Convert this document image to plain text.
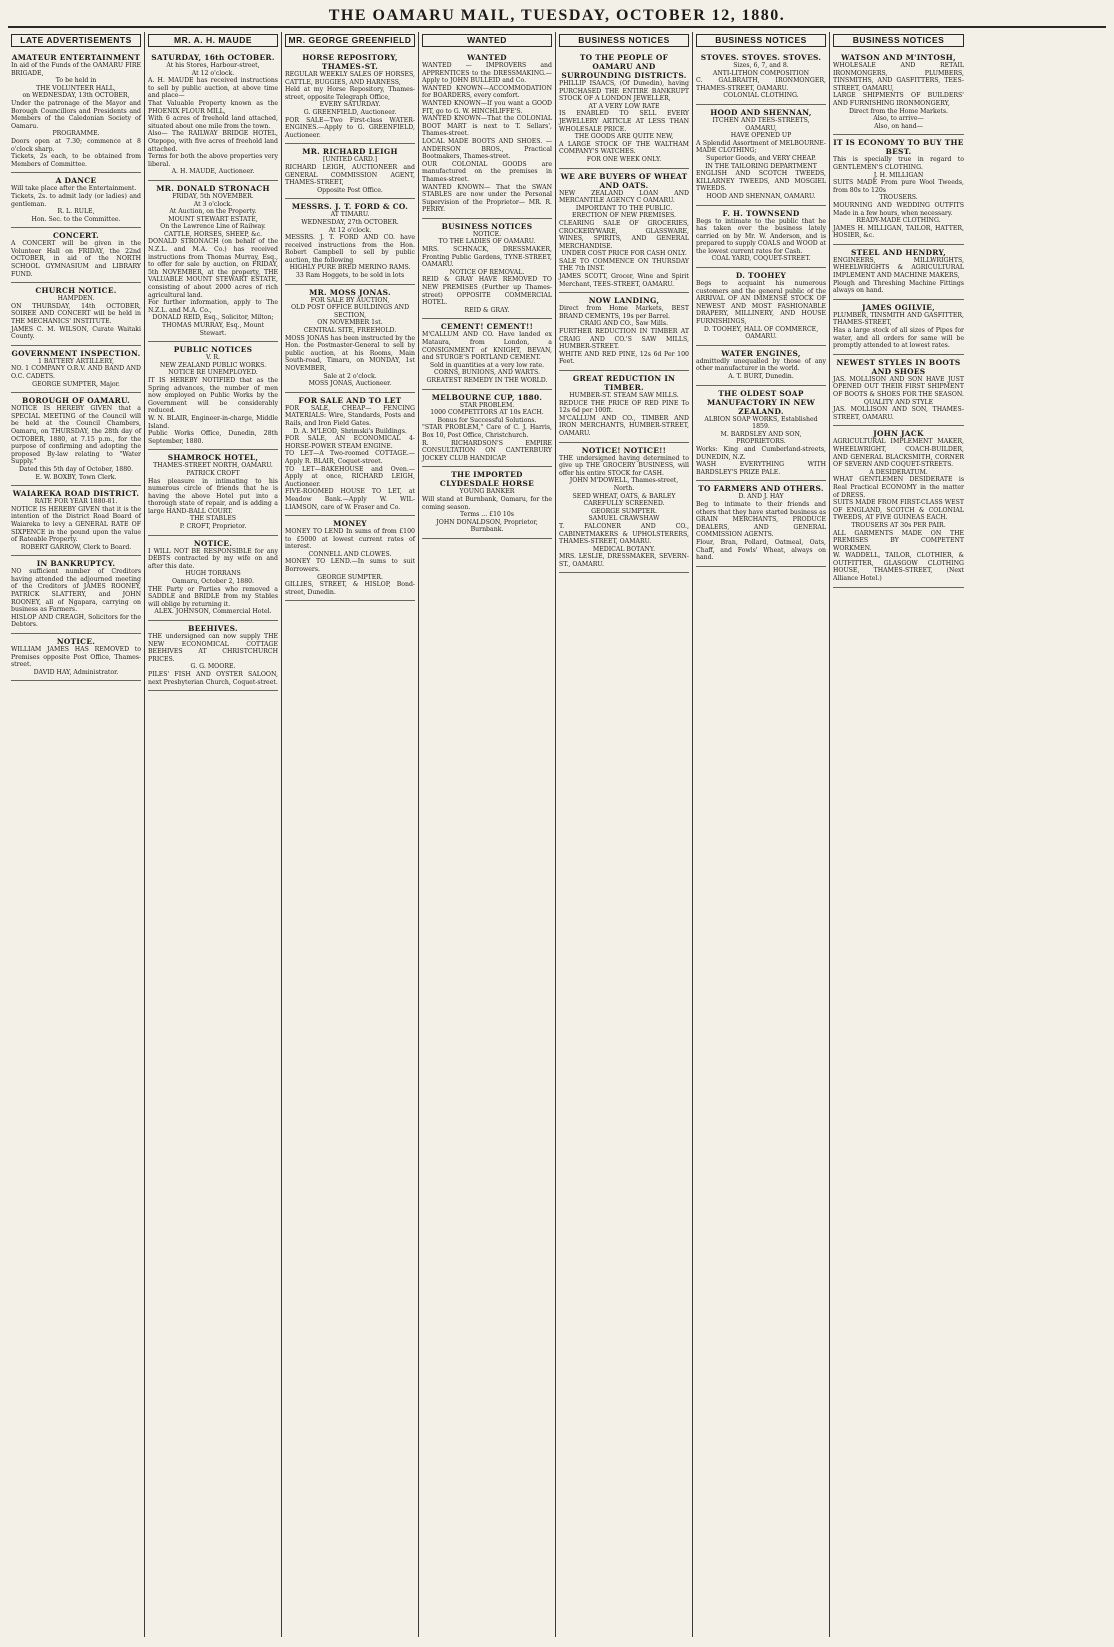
THE OAMARU MAIL, TUESDAY, OCTOBER 12, 1880.
LATE ADVERTISEMENTS
AMATEUR ENTERTAINMENT

In aid of the Funds of the OAMARU FIRE BRIGADE,

To be held in

THE VOLUNTEER HALL,

on WEDNESDAY, 13th OCTOBER,

Under the patronage of the Mayor and Borough Councillors and Presidents and Members of the Caledonian Society of Oamaru.

PROGRAMME.

Doors open at 7.30; commence at 8 o'clock sharp.

Tickets, 2s each, to be obtained from Members of Committee.

A DANCE

Will take place after the Entertainment.

Tickets, 2s. to admit lady (or ladies) and gentleman.

R. L. RULE,

Hon. Sec. to the Committee.

CONCERT.

A CONCERT will be given in the Volunteer Hall on FRIDAY, the 22nd OCTOBER, in aid of the NORTH SCHOOL GYMNASIUM and LIBRARY FUND.

CHURCH NOTICE.

HAMPDEN.

ON THURSDAY, 14th OCTOBER, SOIREE AND CONCERT will be held in THE MECHANICS' INSTITUTE.

JAMES C. M. WILSON, Curate Waitaki County.

GOVERNMENT INSPECTION.

1 BATTERY ARTILLERY,

NO. 1 COMPANY O.R.V. AND BAND AND O.C. CADETS.

GEORGE SUMPTER, Major.

BOROUGH OF OAMARU.

NOTICE IS HEREBY GIVEN that a SPECIAL MEETING of the Council will be held at the Council Chambers, Oamaru, on THURSDAY, the 28th day of OCTOBER, 1880, at 7.15 p.m., for the purpose of confirming and adopting the proposed By-law relating to "Water Supply."

Dated this 5th day of October, 1880.

E. W. BOXBY, Town Clerk.

WAIAREKA ROAD DISTRICT.

RATE FOR YEAR 1880-81.

NOTICE IS HEREBY GIVEN that it is the intention of the District Road Board of Waiareka to levy a GENERAL RATE OF SIXPENCE in the pound upon the value of Rateable Property.

ROBERT GARROW, Clerk to Board.

IN BANKRUPTCY.

NO sufficient number of Creditors having attended the adjourned meeting of the Creditors of JAMES ROONEY, PATRICK SLATTERY, and JOHN ROONEY, all of Ngapara, carrying on business as Farmers.

HISLOP AND CREAGH, Solicitors for the Debtors.

NOTICE.

WILLIAM JAMES HAS REMOVED to Premises opposite Post Office, Thames-street.

DAVID HAY, Administrator.

MR. A. H. MAUDE
SATURDAY, 16th OCTOBER.

At his Stores, Harbour-street,

At 12 o'clock.

A. H. MAUDE has received instructions to sell by public auction, at above time and place—

That Valuable Property known as the PHOENIX FLOUR MILL,

With 6 acres of freehold land attached, situated about one mile from the town.

Also— The RAILWAY BRIDGE HOTEL, Otepopo, with five acres of freehold land attached.

Terms for both the above properties very liberal.

A. H. MAUDE, Auctioneer.

MR. DONALD STRONACH

FRIDAY, 5th NOVEMBER.

At 3 o'clock.

At Auction, on the Property.

MOUNT STEWART ESTATE,

On the Lawrence Line of Railway.

CATTLE, HORSES, SHEEP, &c.

DONALD STRONACH (on behalf of the N.Z.L. and M.A. Co.) has received instructions from Thomas Murray, Esq., to offer for sale by auction, on FRIDAY, 5th NOVEMBER, at the property, THE VALUABLE MOUNT STEWART ESTATE, consisting of about 2000 acres of rich agricultural land.

For further information, apply to The N.Z.L. and M.A. Co.,

DONALD REID, Esq., Solicitor, Milton;

THOMAS MURRAY, Esq., Mount Stewart.

PUBLIC NOTICES

V. R.

NEW ZEALAND PUBLIC WORKS.

NOTICE RE UNEMPLOYED.

IT IS HEREBY NOTIFIED that as the Spring advances, the number of men now employed on Public Works by the Government will be considerably reduced.

W. N. BLAIR, Engineer-in-charge, Middle Island.

Public Works Office, Dunedin, 28th September, 1880.

SHAMROCK HOTEL,

THAMES-STREET NORTH, OAMARU.

PATRICK CROFT

Has pleasure in intimating to his numerous circle of friends that he is having the above Hotel put into a thorough state of repair, and is adding a large HAND-BALL COURT.

THE STABLES

P. CROFT, Proprietor.

NOTICE.

I WILL NOT BE RESPONSIBLE for any DEBTS contracted by my wife on and after this date.

HUGH TORRANS

Oamaru, October 2, 1880.

THE Party or Parties who removed a SADDLE and BRIDLE from my Stables will oblige by returning it.

ALEX. JOHNSON, Commercial Hotel.

BEEHIVES.

THE undersigned can now supply THE NEW ECONOMICAL COTTAGE BEEHIVES AT CHRISTCHURCH PRICES.

G. G. MOORE.

PILES' FISH AND OYSTER SALOON, next Presbyterian Church, Coquet-street.

MR. GEORGE GREENFIELD
HORSE REPOSITORY, THAMES-ST.

REGULAR WEEKLY SALES OF HORSES, CATTLE, BUGGIES, AND HARNESS,

Held at my Horse Repository, Thames-street, opposite Telegraph Office,

EVERY SATURDAY.

G. GREENFIELD, Auctioneer.

FOR SALE—Two First-class WATER-ENGINES.—Apply to G. GREENFIELD, Auctioneer.

MR. RICHARD LEIGH

[UNITED CARD.]

RICHARD LEIGH, AUCTIONEER and GENERAL COMMISSION AGENT, THAMES-STREET,

Opposite Post Office.

MESSRS. J. T. FORD & CO.

AT TIMARU.

WEDNESDAY, 27th OCTOBER.

At 12 o'clock.

MESSRS. J. T. FORD AND CO. have received instructions from the Hon. Robert Campbell to sell by public auction, the following

HIGHLY PURE BRED MERINO RAMS.

33 Ram Hoggets, to be sold in lots

MR. MOSS JONAS.

FOR SALE BY AUCTION,

OLD POST OFFICE BUILDINGS AND SECTION,

ON NOVEMBER 1st.

CENTRAL SITE, FREEHOLD.

MOSS JONAS has been instructed by the Hon. the Postmaster-General to sell by public auction, at his Rooms, Main South-road, Timaru, on MONDAY, 1st NOVEMBER,

Sale at 2 o'clock.

MOSS JONAS, Auctioneer.

FOR SALE AND TO LET

FOR SALE, CHEAP— FENCING MATERIALS: Wire, Standards, Posts and Rails, and Iron Field Gates.

D. A. M'LEOD, Shrimski's Buildings.

FOR SALE, AN ECONOMICAL 4-HORSE-POWER STEAM ENGINE.

TO LET—A Two-roomed COTTAGE.—Apply R. BLAIR, Coquet-street.

TO LET—BAKEHOUSE and Oven.—Apply at once, RICHARD LEIGH, Auctioneer.

FIVE-ROOMED HOUSE TO LET, at Meadow Bank.—Apply W. WIL-LIAMSON, care of W. Fraser and Co.

MONEY

MONEY TO LEND In sums of from £100 to £5000 at lowest current rates of interest.

CONNELL AND CLOWES.

MONEY TO LEND.—In sums to suit Borrowers.

GEORGE SUMPTER.

GILLIES, STREET, & HISLOP, Bond-street, Dunedin.

WANTED
WANTED

WANTED — IMPROVERS and APPRENTICES to the DRESSMAKING.—Apply to JOHN BULLEID and Co.

WANTED KNOWN—ACCOMMODATION for BOARDERS, every comfort.

WANTED KNOWN—If you want a GOOD FIT, go to G. W. HINCHLIFFE'S.

WANTED KNOWN—That the COLONIAL BOOT MART is next to T. Sellars', Thames-street.

LOCAL MADE BOOTS AND SHOES. —ANDERSON BROS., Practical Bootmakers, Thames-street.

OUR COLONIAL GOODS are manufactured on the premises in Thames-street.

WANTED KNOWN— That the SWAN STABLES are now under the Personal Supervision of the Proprietor— MR. R. PERRY.

BUSINESS NOTICES

NOTICE.

TO THE LADIES OF OAMARU.

MRS. SCHNACK, DRESSMAKER, Fronting Public Gardens, TYNE-STREET, OAMARU.

NOTICE OF REMOVAL.

REID & GRAY HAVE REMOVED TO NEW PREMISES (Further up Thames-street) OPPOSITE COMMERCIAL HOTEL.

REID & GRAY.

CEMENT! CEMENT!!

M'CALLUM AND CO. Have landed ex Mataura, from London, a CONSIGNMENT of KNIGHT, BEVAN, and STURGE'S PORTLAND CEMENT.

Sold in quantities at a very low rate.

CORNS, BUNIONS, AND WARTS.

GREATEST REMEDY IN THE WORLD.

MELBOURNE CUP, 1880.

STAR PROBLEM.

1000 COMPETITORS AT 10s EACH.

Bonus for Successful Solutions.

"STAR PROBLEM," Care of C. J. Harris, Box 10, Post Office, Christchurch.

R. RICHARDSON'S EMPIRE CONSULTATION ON CANTERBURY JOCKEY CLUB HANDICAP.

THE IMPORTED CLYDESDALE HORSE

YOUNG BANKER

Will stand at Burnbank, Oamaru, for the coming season.

Terms ... £10 10s

JOHN DONALDSON, Proprietor, Burnbank.

BUSINESS NOTICES
TO THE PEOPLE OF OAMARU AND SURROUNDING DISTRICTS.

PHILLIP ISAACS, (Of Dunedin), having PURCHASED THE ENTIRE BANKRUPT STOCK OF A LONDON JEWELLER,

AT A VERY LOW RATE

IS ENABLED TO SELL EVERY JEWELLERY ARTICLE AT LESS THAN WHOLESALE PRICE.

THE GOODS ARE QUITE NEW,

A LARGE STOCK OF THE WALTHAM COMPANY'S WATCHES.

FOR ONE WEEK ONLY.

WE ARE BUYERS OF WHEAT AND OATS.

NEW ZEALAND LOAN AND MERCANTILE AGENCY C OAMARU.

IMPORTANT TO THE PUBLIC.

ERECTION OF NEW PREMISES.

CLEARING SALE OF GROCERIES, CROCKERYWARE, GLASSWARE, WINES, SPIRITS, AND GENERAL MERCHANDISE.

UNDER COST PRICE FOR CASH ONLY.

SALE TO COMMENCE ON THURSDAY THE 7th INST.

JAMES SCOTT, Grocer, Wine and Spirit Merchant, TEES-STREET, OAMARU.

NOW LANDING,

Direct from Home Markets, BEST BRAND CEMENTS, 19s per Barrel.

CRAIG AND CO., Saw Mills.

FURTHER REDUCTION IN TIMBER AT CRAIG AND CO.'S SAW MILLS, HUMBER-STREET.

WHITE AND RED PINE, 12s 6d Per 100 Feet.

GREAT REDUCTION IN TIMBER.

HUMBER-ST. STEAM SAW MILLS.

REDUCE THE PRICE OF RED PINE To 12s 6d per 100ft.

M'CALLUM AND CO., TIMBER AND IRON MERCHANTS, HUMBER-STREET, OAMARU.

NOTICE! NOTICE!!

THE undersigned having determined to give up THE GROCERY BUSINESS, will offer his entire STOCK for CASH.

JOHN M'DOWELL, Thames-street, North.

SEED WHEAT, OATS, & BARLEY

CAREFULLY SCREENED.

GEORGE SUMPTER.

SAMUEL CRAWSHAW

T. FALCONER AND CO., CABINETMAKERS & UPHOLSTERERS, THAMES-STREET, OAMARU.

MEDICAL BOTANY.

MRS. LESLIE, DRESSMAKER, SEVERN-ST., OAMARU.

BUSINESS NOTICES
STOVES. STOVES. STOVES.

Sizes, 6, 7, and 8.

ANTI-LITHON COMPOSITION

C. GALBRAITH, IRONMONGER, THAMES-STREET, OAMARU.

COLONIAL CLOTHING.

HOOD AND SHENNAN,

ITCHEN AND TEES-STREETS, OAMARU,

HAVE OPENED UP

A Splendid Assortment of MELBOURNE-MADE CLOTHING;

Superior Goods, and VERY CHEAP.

IN THE TAILORING DEPARTMENT

ENGLISH AND SCOTCH TWEEDS, KILLARNEY TWEEDS, AND MOSGIEL TWEEDS.

HOOD AND SHENNAN, OAMARU.

F. H. TOWNSEND

Begs to intimate to the public that he has taken over the business lately carried on by Mr. W. Anderson, and is prepared to supply COALS and WOOD at the lowest current rates for Cash.

COAL YARD, COQUET-STREET.

D. TOOHEY

Begs to acquaint his numerous customers and the general public of the ARRIVAL OF AN IMMENSE STOCK OF NEWEST AND MOST FASHIONABLE DRAPERY, MILLINERY, AND HOUSE FURNISHINGS,

D. TOOHEY, HALL OF COMMERCE, OAMARU.

WATER ENGINES,

admittedly unequalled by those of any other manufacturer in the world.

A. T. BURT, Dunedin.

THE OLDEST SOAP MANUFACTORY IN NEW ZEALAND.

ALBION SOAP WORKS, Established 1859.

M. BARDSLEY AND SON, PROPRIETORS.

Works: King and Cumberland-streets, DUNEDIN, N.Z.

WASH EVERYTHING WITH BARDSLEY'S PRIZE PALE.

TO FARMERS AND OTHERS.

D. AND J. HAY

Beg to intimate to their friends and others that they have started business as GRAIN MERCHANTS, PRODUCE DEALERS, AND GENERAL COMMISSION AGENTS.

Flour, Bran, Pollard, Oatmeal, Oats, Chaff, and Fowls' Wheat, always on hand.

BUSINESS NOTICES
WATSON AND M'INTOSH,

WHOLESALE AND RETAIL IRONMONGERS, PLUMBERS, TINSMITHS, AND GASFITTERS, TEES-STREET, OAMARU,

LARGE SHIPMENTS OF BUILDERS' AND FURNISHING IRONMONGERY,

Direct from the Home Markets.

Also, to arrive—

Also, on hand—

IT IS ECONOMY TO BUY THE BEST.

This is specially true in regard to GENTLEMEN'S CLOTHING.

J. H. MILLIGAN

SUITS MADE From pure Wool Tweeds, from 80s to 120s

TROUSERS.

MOURNING AND WEDDING OUTFITS Made in a few hours, when necessary.

READY-MADE CLOTHING.

JAMES H. MILLIGAN, TAILOR, HATTER, HOSIER, &c.

STEEL AND HENDRY,

ENGINEERS, MILLWRIGHTS, WHEELWRIGHTS & AGRICULTURAL IMPLEMENT AND MACHINE MAKERS,

Plough and Threshing Machine Fittings always on hand.

JAMES OGILVIE,

PLUMBER, TINSMITH AND GASFITTER, THAMES-STREET,

Has a large stock of all sizes of Pipes for water, and all orders for same will be promptly attended to at lowest rates.

NEWEST STYLES IN BOOTS AND SHOES

JAS. MOLLISON AND SON HAVE JUST OPENED OUT THEIR FIRST SHIPMENT OF BOOTS & SHOES FOR THE SEASON.

QUALITY AND STYLE

JAS. MOLLISON AND SON, THAMES-STREET, OAMARU.

JOHN JACK

AGRICULTURAL IMPLEMENT MAKER, WHEELWRIGHT, COACH-BUILDER, AND GENERAL BLACKSMITH, CORNER OF SEVERN AND COQUET-STREETS.

A DESIDERATUM.

WHAT GENTLEMEN DESIDERATE is Real Practical ECONOMY in the matter of DRESS.

SUITS MADE FROM FIRST-CLASS WEST OF ENGLAND, SCOTCH & COLONIAL TWEEDS, AT FIVE GUINEAS EACH.

TROUSERS AT 30s PER PAIR.

ALL GARMENTS MADE ON THE PREMISES BY COMPETENT WORKMEN.

W. WADDELL, TAILOR, CLOTHIER, & OUTFITTER, GLASGOW CLOTHING HOUSE, THAMES-STREET, (Next Alliance Hotel.)
